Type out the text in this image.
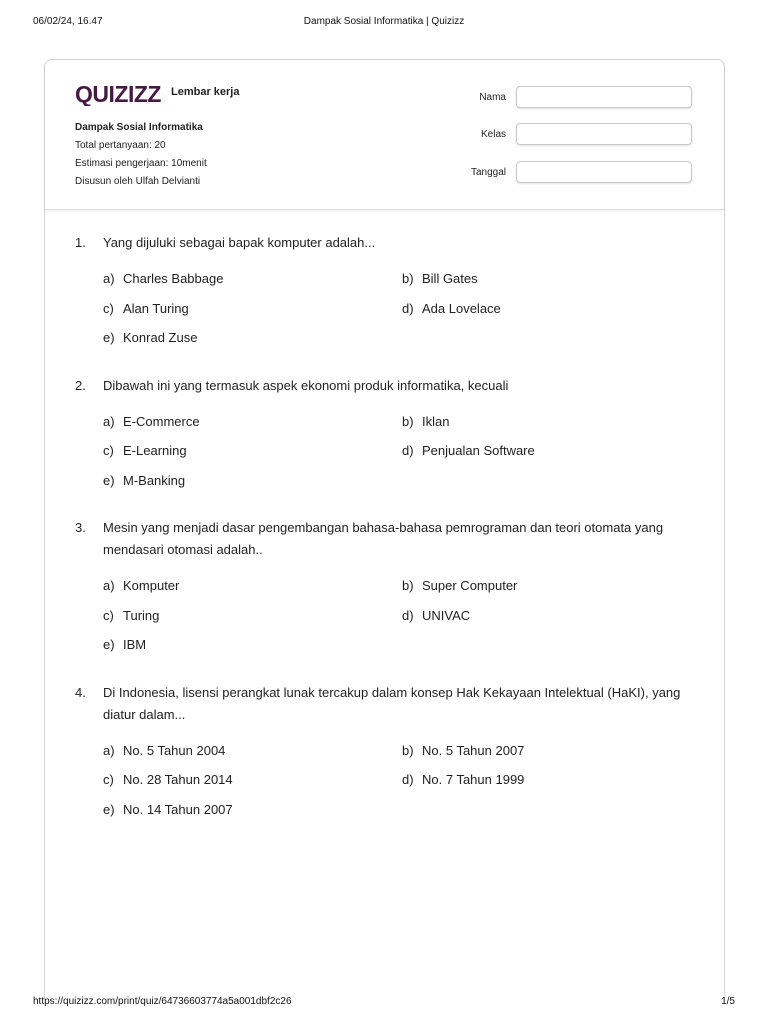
06/02/24, 16.47	Dampak Sosial Informatika | Quizizz
QUIZIZZ Lembar kerja
Dampak Sosial Informatika
Total pertanyaan: 20
Estimasi pengerjaan: 10menit
Disusun oleh Ulfah Delvianti
Nama
Kelas
Tanggal
1.	Yang dijuluki sebagai bapak komputer adalah...
a) Charles Babbage	b) Bill Gates
c) Alan Turing	d) Ada Lovelace
e) Konrad Zuse
2.	Dibawah ini yang termasuk aspek ekonomi produk informatika, kecuali
a) E-Commerce	b) Iklan
c) E-Learning	d) Penjualan Software
e) M-Banking
3.	Mesin yang menjadi dasar pengembangan bahasa-bahasa pemrograman dan teori otomata yang mendasari otomasi adalah..
a) Komputer	b) Super Computer
c) Turing	d) UNIVAC
e) IBM
4.	Di Indonesia, lisensi perangkat lunak tercakup dalam konsep Hak Kekayaan Intelektual (HaKI), yang diatur dalam...
a) No. 5 Tahun 2004	b) No. 5 Tahun 2007
c) No. 28 Tahun 2014	d) No. 7 Tahun 1999
e) No. 14 Tahun 2007
https://quizizz.com/print/quiz/64736603774a5a001dbf2c26	1/5
